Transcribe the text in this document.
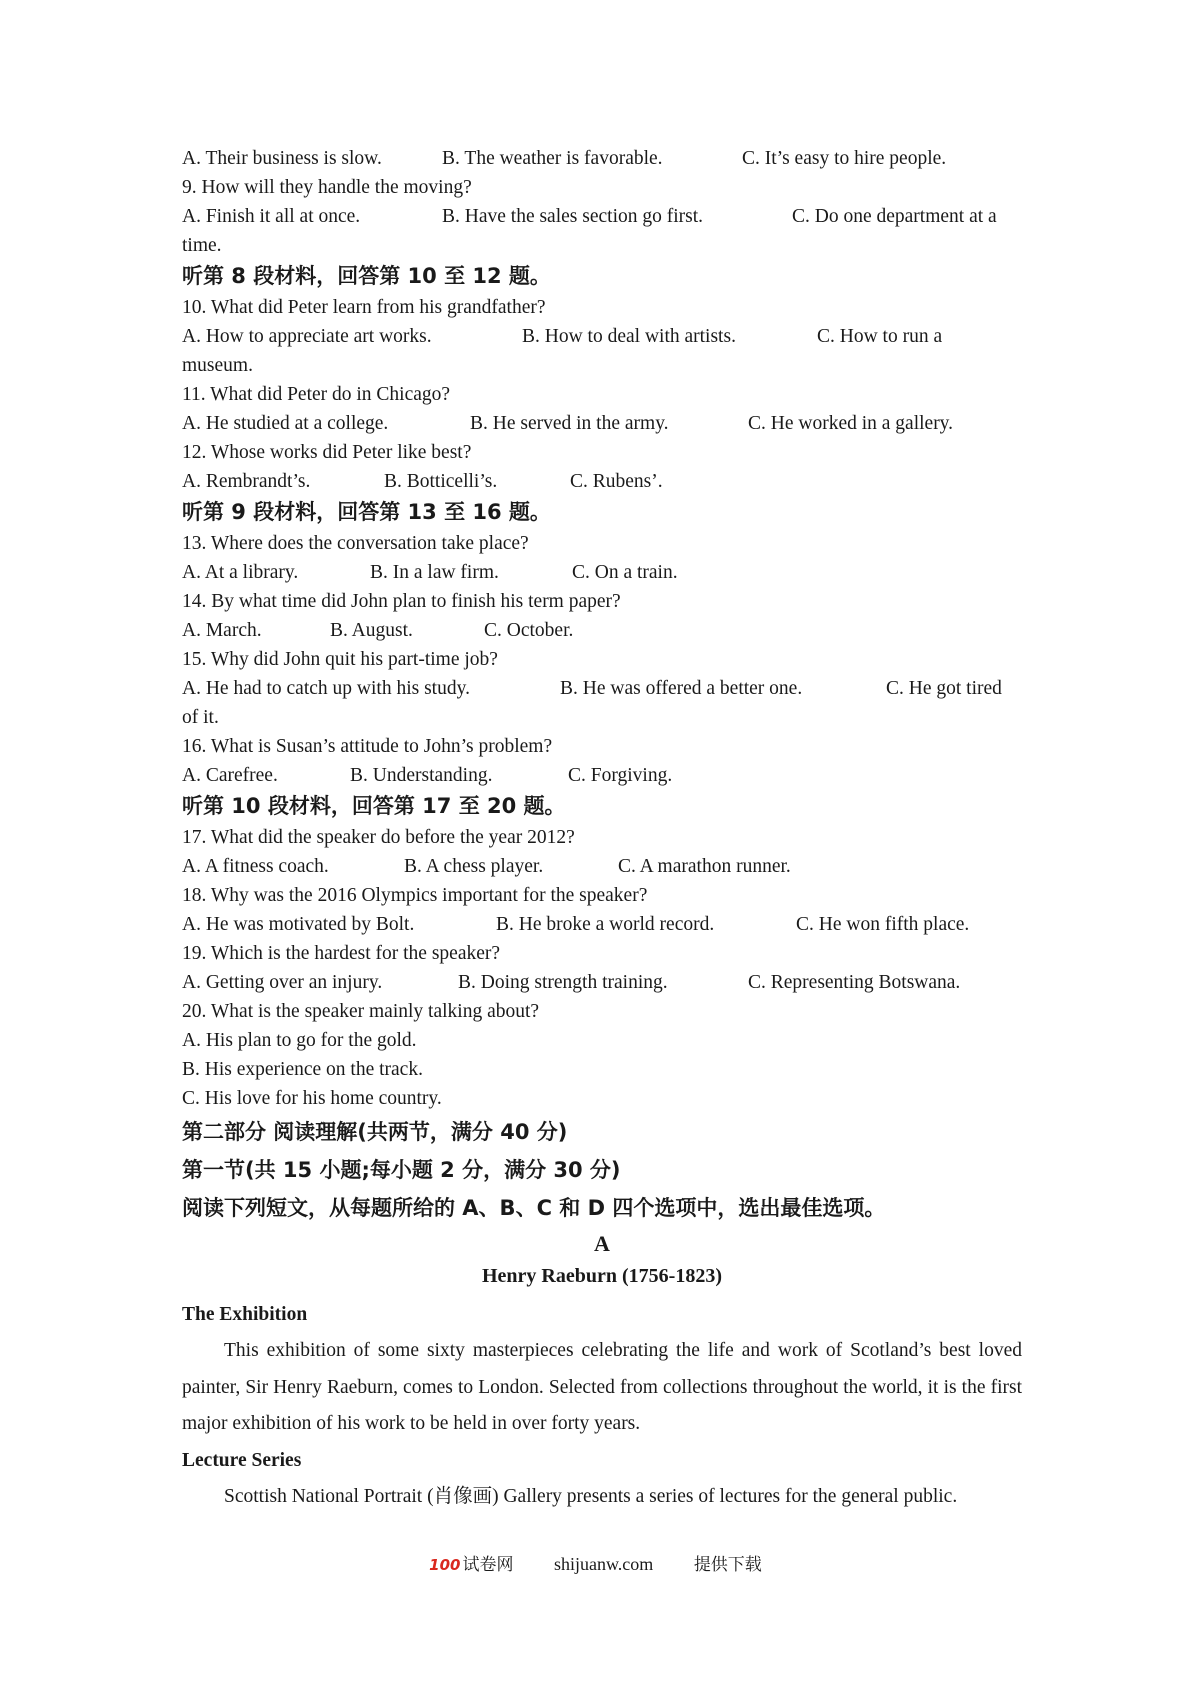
A. Their business is slow.	B. The weather is favorable.	C. It’s easy to hire people.
9. How will they handle the moving?
A. Finish it all at once.	B. Have the sales section go first.	C. Do one department at a
time.
听第 8 段材料，回答第 10 至 12 题。
10. What did Peter learn from his grandfather?
A. How to appreciate art works.	B. How to deal with artists.	C. How to run a
museum.
11. What did Peter do in Chicago?
A. He studied at a college.	B. He served in the army.	C. He worked in a gallery.
12. Whose works did Peter like best?
A. Rembrandt’s.	B. Botticelli’s.	C. Rubens’.
听第 9 段材料，回答第 13 至 16 题。
13. Where does the conversation take place?
A. At a library.	B. In a law firm.	C. On a train.
14. By what time did John plan to finish his term paper?
A. March.	B. August.	C. October.
15. Why did John quit his part-time job?
A. He had to catch up with his study.	B. He was offered a better one.	C. He got tired
of it.
16. What is Susan’s attitude to John’s problem?
A. Carefree.	B. Understanding.	C. Forgiving.
听第 10 段材料，回答第 17 至 20 题。
17. What did the speaker do before the year 2012?
A. A fitness coach.	B. A chess player.	C. A marathon runner.
18. Why was the 2016 Olympics important for the speaker?
A. He was motivated by Bolt.	B. He broke a world record.	C. He won fifth place.
19. Which is the hardest for the speaker?
A. Getting over an injury.	B. Doing strength training.	C. Representing Botswana.
20. What is the speaker mainly talking about?
A. His plan to go for the gold.
B. His experience on the track.
C. His love for his home country.
第二部分 阅读理解(共两节，满分 40 分)
第一节(共 15 小题;每小题 2 分，满分 30 分)
阅读下列短文，从每题所给的 A、B、C 和 D 四个选项中，选出最佳选项。
A
Henry Raeburn (1756-1823)
The Exhibition
This exhibition of some sixty masterpieces celebrating the life and work of Scotland’s best loved painter, Sir Henry Raeburn, comes to London. Selected from collections throughout the world, it is the first major exhibition of his work to be held in over forty years.
Lecture Series
Scottish National Portrait (肖像画) Gallery presents a series of lectures for the general public.
100 试卷网 shijuanw.com 提供下载
